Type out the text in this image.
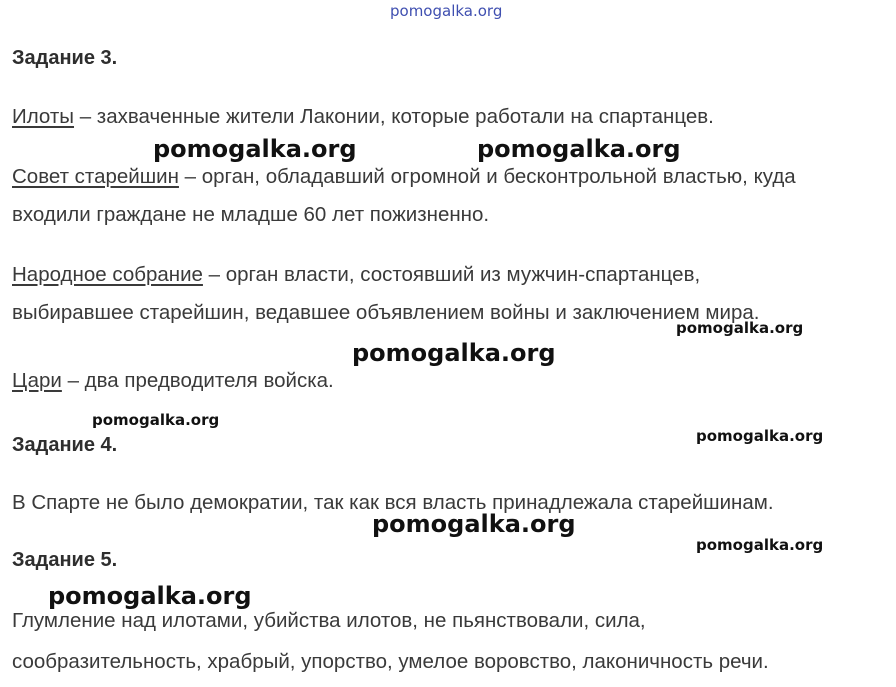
pomogalka.org
Задание 3.
Илоты – захваченные жители Лаконии, которые работали на спартанцев.
Совет старейшин – орган, обладавший огромной и бесконтрольной властью, куда
входили граждане не младше 60 лет пожизненно.
Народное собрание – орган власти, состоявший из мужчин-спартанцев,
выбиравшее старейшин, ведавшее объявлением войны и заключением мира.
Цари – два предводителя войска.
Задание 4.
В Спарте не было демократии, так как вся власть принадлежала старейшинам.
Задание 5.
Глумление над илотами, убийства илотов, не пьянствовали, сила,
сообразительность, храбрый, упорство, умелое воровство, лаконичность речи.
pomogalka.org	pomogalka.org
pomogalka.org
pomogalka.org
pomogalka.org
pomogalka.org
pomogalka.org
pomogalka.org
pomogalka.org
